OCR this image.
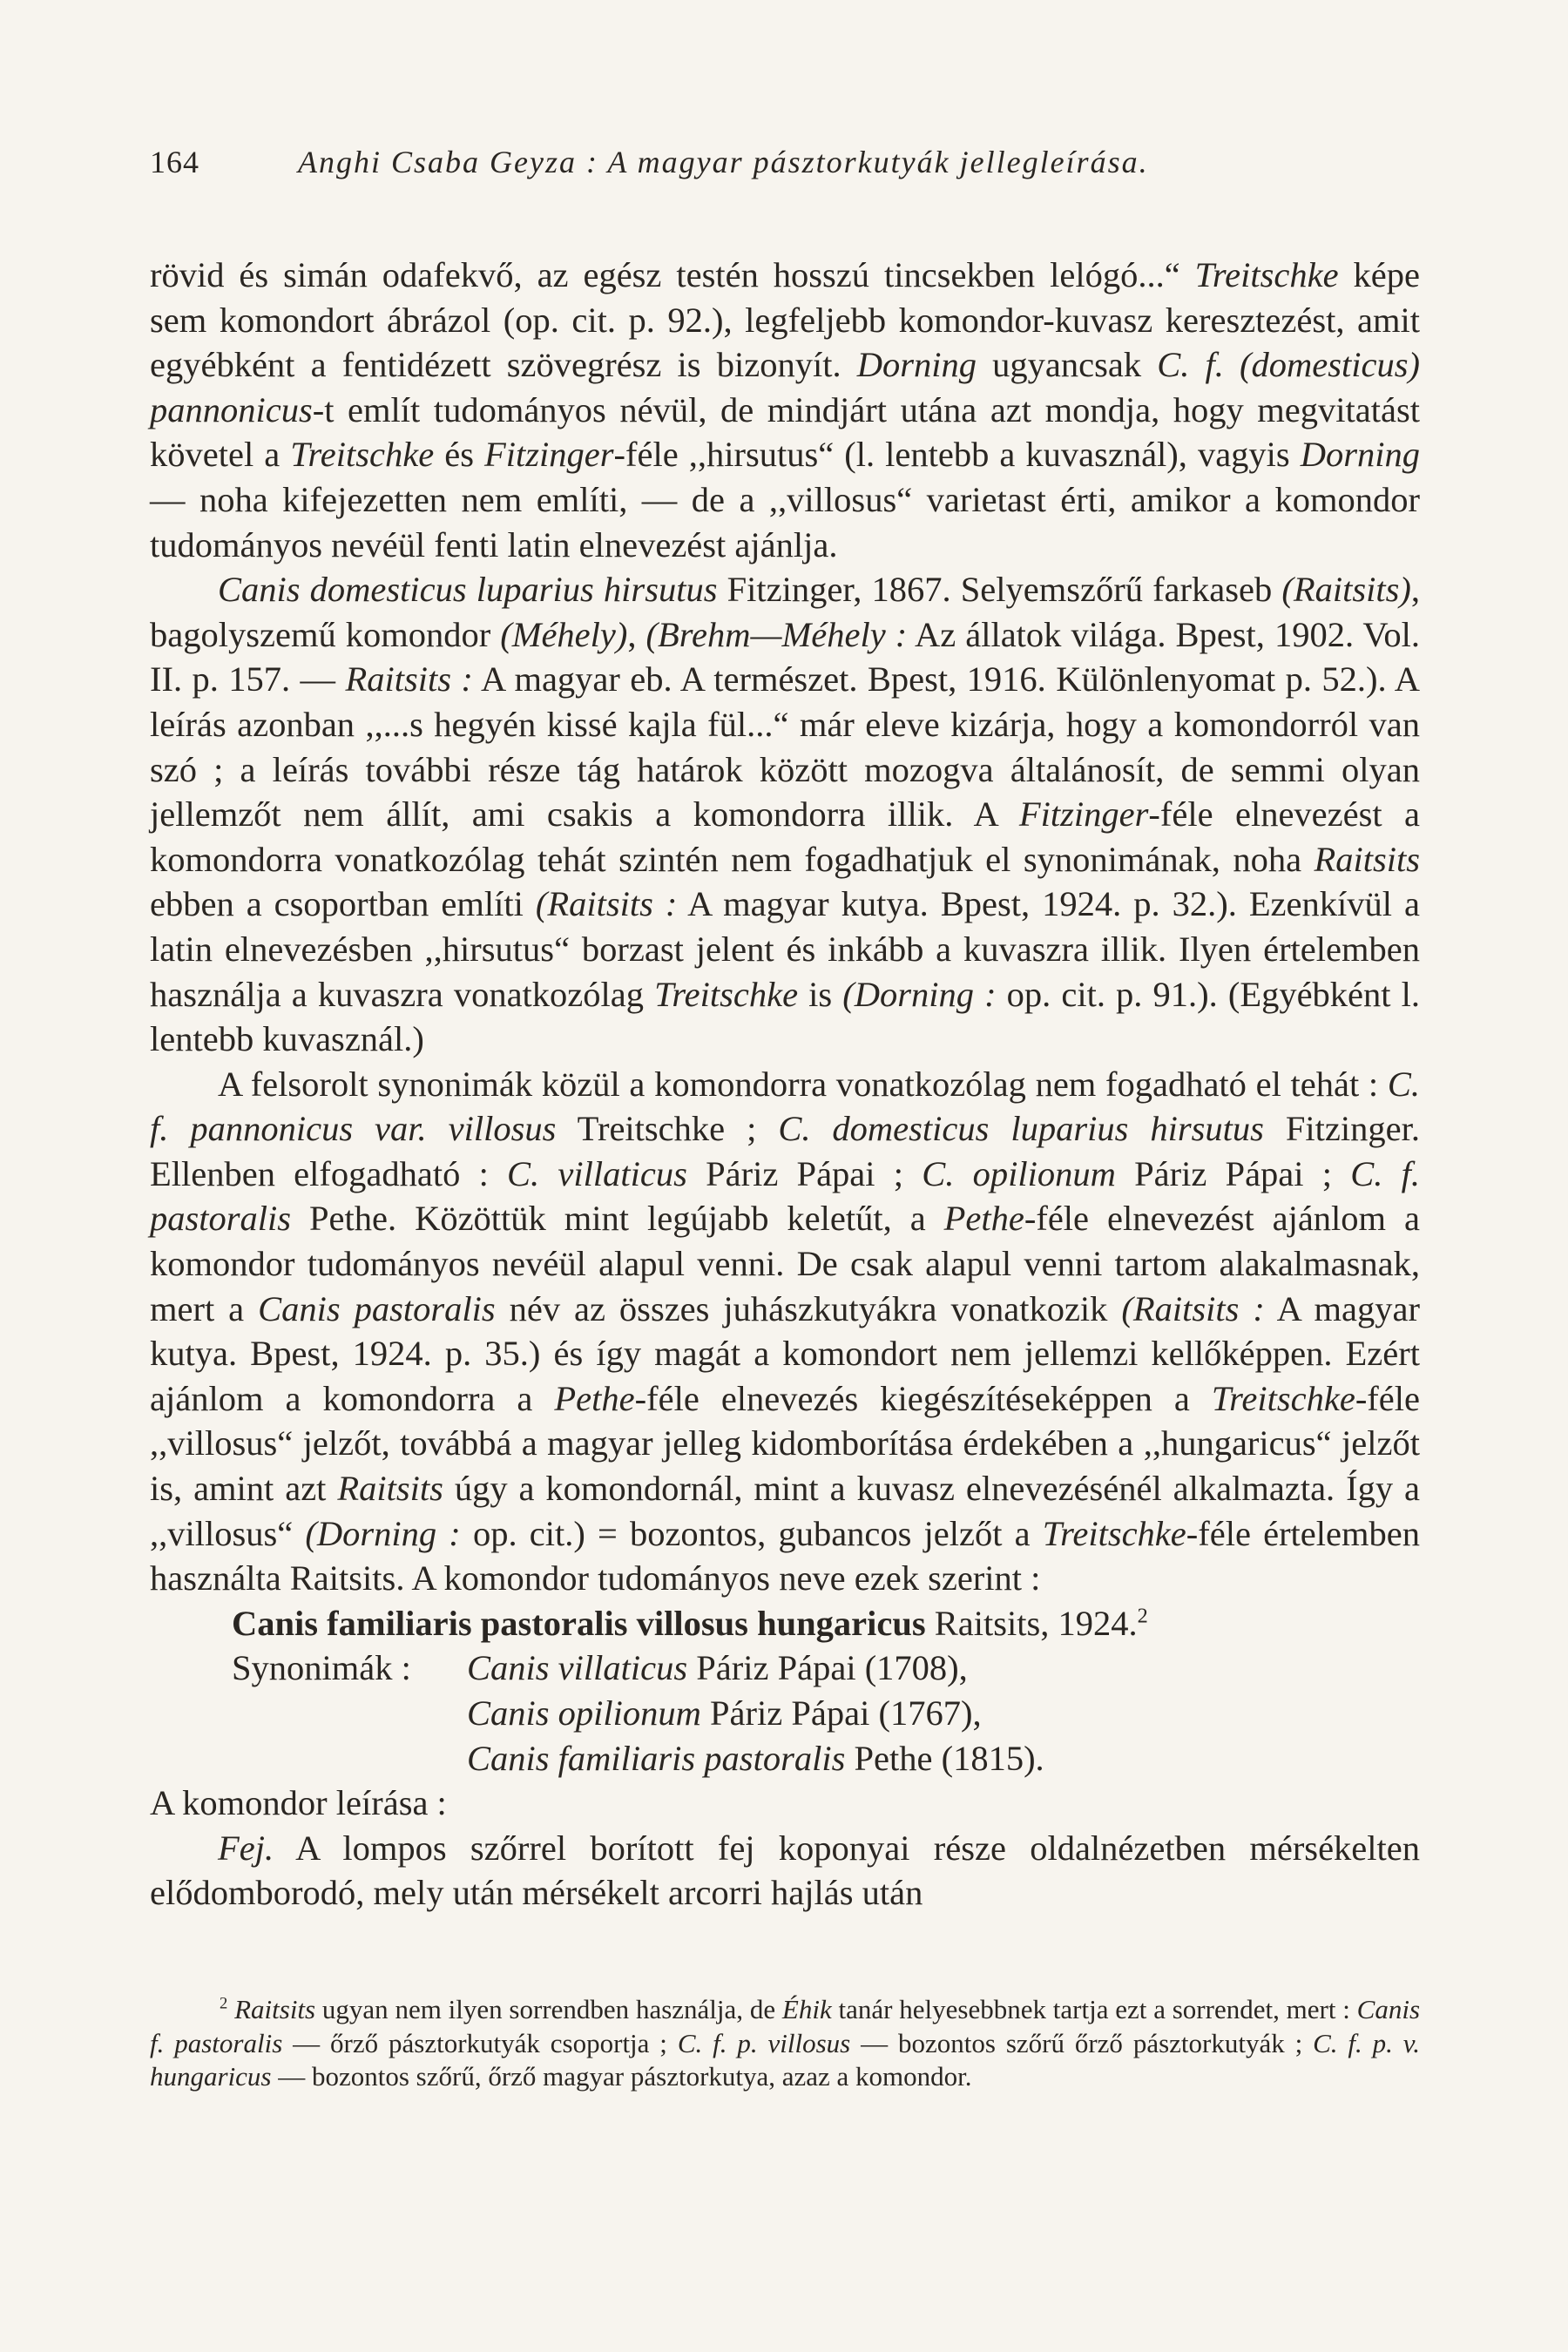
164	Anghi Csaba Geyza : A magyar pásztorkutyák jellegleírása.

rövid és simán odafekvő, az egész testén hosszú tincsekben lelógó...“ Treitschke képe sem komondort ábrázol (op. cit. p. 92.), legfeljebb komondor-kuvasz keresztezést, amit egyébként a fentidézett szövegrész is bizonyít. Dorning ugyancsak C. f. (domesticus) pannonicus-t említ tudományos névül, de mindjárt utána azt mondja, hogy megvitatást követel a Treitschke és Fitzinger-féle ,,hirsutus“ (l. lentebb a kuvasznál), vagyis Dorning — noha kifejezetten nem említi, — de a ,,villosus“ varietast érti, amikor a komondor tudományos nevéül fenti latin elnevezést ajánlja.

Canis domesticus luparius hirsutus Fitzinger, 1867. Selyemszőrű farkaseb (Raitsits), bagolyszemű komondor (Méhely), (Brehm—Méhely : Az állatok világa. Bpest, 1902. Vol. II. p. 157. — Raitsits : A magyar eb. A természet. Bpest, 1916. Különlenyomat p. 52.). A leírás azonban ,,...s hegyén kissé kajla fül...“ már eleve kizárja, hogy a komondorról van szó ; a leírás további része tág határok között mozogva általánosít, de semmi olyan jellemzőt nem állít, ami csakis a komondorra illik. A Fitzinger-féle elnevezést a komondorra vonatkozólag tehát szintén nem fogadhatjuk el synonimának, noha Raitsits ebben a csoportban említi (Raitsits : A magyar kutya. Bpest, 1924. p. 32.). Ezenkívül a latin elnevezésben ,,hirsutus“ borzast jelent és inkább a kuvaszra illik. Ilyen értelemben használja a kuvaszra vonatkozólag Treitschke is (Dorning : op. cit. p. 91.). (Egyébként l. lentebb kuvasznál.)

A felsorolt synonimák közül a komondorra vonatkozólag nem fogadható el tehát : C. f. pannonicus var. villosus Treitschke ; C. domesticus luparius hirsutus Fitzinger. Ellenben elfogadható : C. villaticus Páriz Pápai ; C. opilionum Páriz Pápai ; C. f. pastoralis Pethe. Közöttük mint legújabb keletűt, a Pethe-féle elnevezést ajánlom a komondor tudományos nevéül alapul venni. De csak alapul venni tartom alakalmasnak, mert a Canis pastoralis név az összes juhászkutyákra vonatkozik (Raitsits : A magyar kutya. Bpest, 1924. p. 35.) és így magát a komondort nem jellemzi kellőképpen. Ezért ajánlom a komondorra a Pethe-féle elnevezés kiegészítéseképpen a Treitschke-féle ,,villosus“ jelzőt, továbbá a magyar jelleg kidomborítása érdekében a ,,hungaricus“ jelzőt is, amint azt Raitsits úgy a komondornál, mint a kuvasz elnevezésénél alkalmazta. Így a ,,villosus“ (Dorning : op. cit.) = bozontos, gubancos jelzőt a Treitschke-féle értelemben használta Raitsits. A komondor tudományos neve ezek szerint :

Canis familiaris pastoralis villosus hungaricus Raitsits, 1924.$^2$

Synonimák :	Canis villaticus Páriz Pápai (1708),
Canis opilionum Páriz Pápai (1767),
Canis familiaris pastoralis Pethe (1815).

A komondor leírása :

Fej. A lompos szőrrel borított fej koponyai része oldalnézetben mérsékelten elődomborodó, mely után mérsékelt arcorri hajlás után

$^2$ Raitsits ugyan nem ilyen sorrendben használja, de Éhik tanár helyesebbnek tartja ezt a sorrendet, mert : Canis f. pastoralis — őrző pásztorkutyák csoportja ; C. f. p. villosus — bozontos szőrű őrző pásztorkutyák ; C. f. p. v. hungaricus — bozontos szőrű, őrző magyar pásztorkutya, azaz a komondor.
